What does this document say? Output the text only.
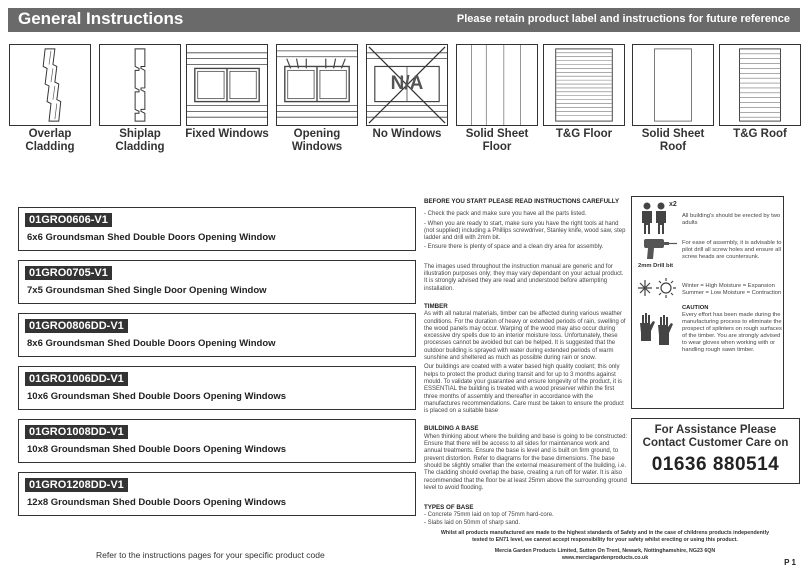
General Instructions	Please retain product label and instructions for future reference
Overlap Cladding
Shiplap Cladding
Fixed Windows	Opening Windows
N/A
No Windows	Solid Sheet Floor
T&G Floor	Solid Sheet Roof
T&G Roof
01GRO0606-V1
6x6 Groundsman Shed Double Doors Opening Window
01GRO0705-V1
7x5 Groundsman Shed Single Door Opening Window
01GRO0806DD-V1
8x6 Groundsman Shed Double Doors Opening Window
01GRO1006DD-V1
10x6 Groundsman Shed Double Doors Opening Windows
01GRO1008DD-V1
10x8 Groundsman Shed Double Doors Opening Windows
01GRO1208DD-V1
12x8 Groundsman Shed Double Doors Opening Windows
Refer to the instructions pages for your specific product code
BEFORE YOU START PLEASE READ INSTRUCTIONS CAREFULLY

- Check the pack and make sure you have all the parts listed.

- When you are ready to start, make sure you have the right tools at hand (not supplied) including a Phillips screwdriver, Stanley knife, wood saw, step ladder and drill with 2mm bit.

- Ensure there is plenty of space and a clean dry area for assembly.

The images used throughout the instruction manual are generic and for illustration purposes only; they may vary dependant on your actual product. It is strongly advised they are read and understood before attempting installation.

TIMBER

As with all natural materials, timber can be affected during various weather conditions. For the duration of heavy or extended periods of rain, swelling of the wood panels may occur. Warping of the wood may also occur during excessive dry spells due to an interior moisture loss. Unfortunately, these processes cannot be avoided but can be helped. It is suggested that the outdoor building is sprayed with water during extended periods of warm sunshine and sheltered as much as possible during rain or snow.

Our buildings are coated with a water based high quality coolant; this only helps to protect the product during transit and for up to 3 months against mould. To validate your guarantee and ensure longevity of the product, it is ESSENTIAL the building is treated with a wood preserver within the first three months of assembly and thereafter in accordance with the manufactures recommendations. Care must be taken to ensure the product is placed on a suitable base

BUILDING A BASE

When thinking about where the building and base is going to be constructed: Ensure that there will be access to all sides for maintenance work and annual treatments. Ensure the base is level and is built on firm ground, to prevent distortion. Refer to diagrams for the base dimensions. The base should be slightly smaller than the external measurement of the building, i.e. The cladding should overlap the base, creating a run off for water. It is also recommended that the floor be at least 25mm above the surrounding ground level to avoid flooding.

TYPES OF BASE

- Concrete 75mm laid on top of 75mm hard-core.

- Slabs laid on 50mm of sharp sand.

x2
All building's should be erected by two adults
2mm Drill bit
For ease of assembly, it is advisable to pilot drill all screw holes and ensure all screw heads are countersunk.
Winter = High Moisture = Expansion
Summer = Low Moisture = Contraction
CAUTION
Every effort has been made during the manufacturing process to eliminate the prospect of splinters on rough surfaces of the timber. You are strongly advised to wear gloves when working with or handling rough sawn timber.
For Assistance Please
Contact Customer Care on
01636 880514
Whilst all products manufactured are made to the highest standards of Safety and in the case of childrens products independently tested to EN71 level, we cannot accept responsibility for your safety whilst erecting or using this product.
Mercia Garden Products Limited, Sutton On Trent, Newark, Nottinghamshire, NG23 6QN
www.merciagardenproducts.co.uk
P 1
